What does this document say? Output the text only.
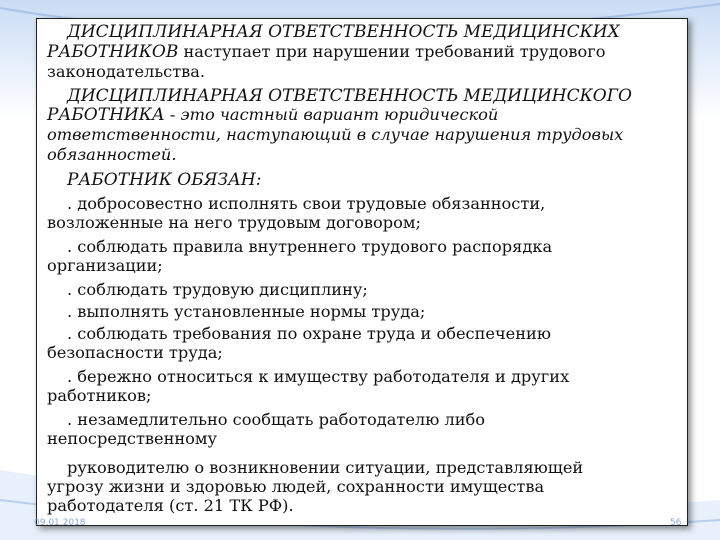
ДИСЦИПЛИНАРНАЯ ОТВЕТСТВЕННОСТЬ МЕДИЦИНСКИХ
РАБОТНИКОВ наступает при нарушении требований трудового
законодательства.
ДИСЦИПЛИНАРНАЯ ОТВЕТСТВЕННОСТЬ МЕДИЦИНСКОГО
РАБОТНИКА - это частный вариант юридической
ответственности, наступающий в случае нарушения трудовых
обязанностей.
РАБОТНИК ОБЯЗАН:
. добросовестно исполнять свои трудовые обязанности,
возложенные на него трудовым договором;
. соблюдать правила внутреннего трудового распорядка
организации;
. соблюдать трудовую дисциплину;
. выполнять установленные нормы труда;
. соблюдать требования по охране труда и обеспечению
безопасности труда;
. бережно относиться к имуществу работодателя и других
работников;
. незамедлительно сообщать работодателю либо
непосредственному
руководителю о возникновении ситуации, представляющей
угрозу жизни и здоровью людей, сохранности имущества
работодателя (ст. 21 ТК РФ).
09.01.2018	56
